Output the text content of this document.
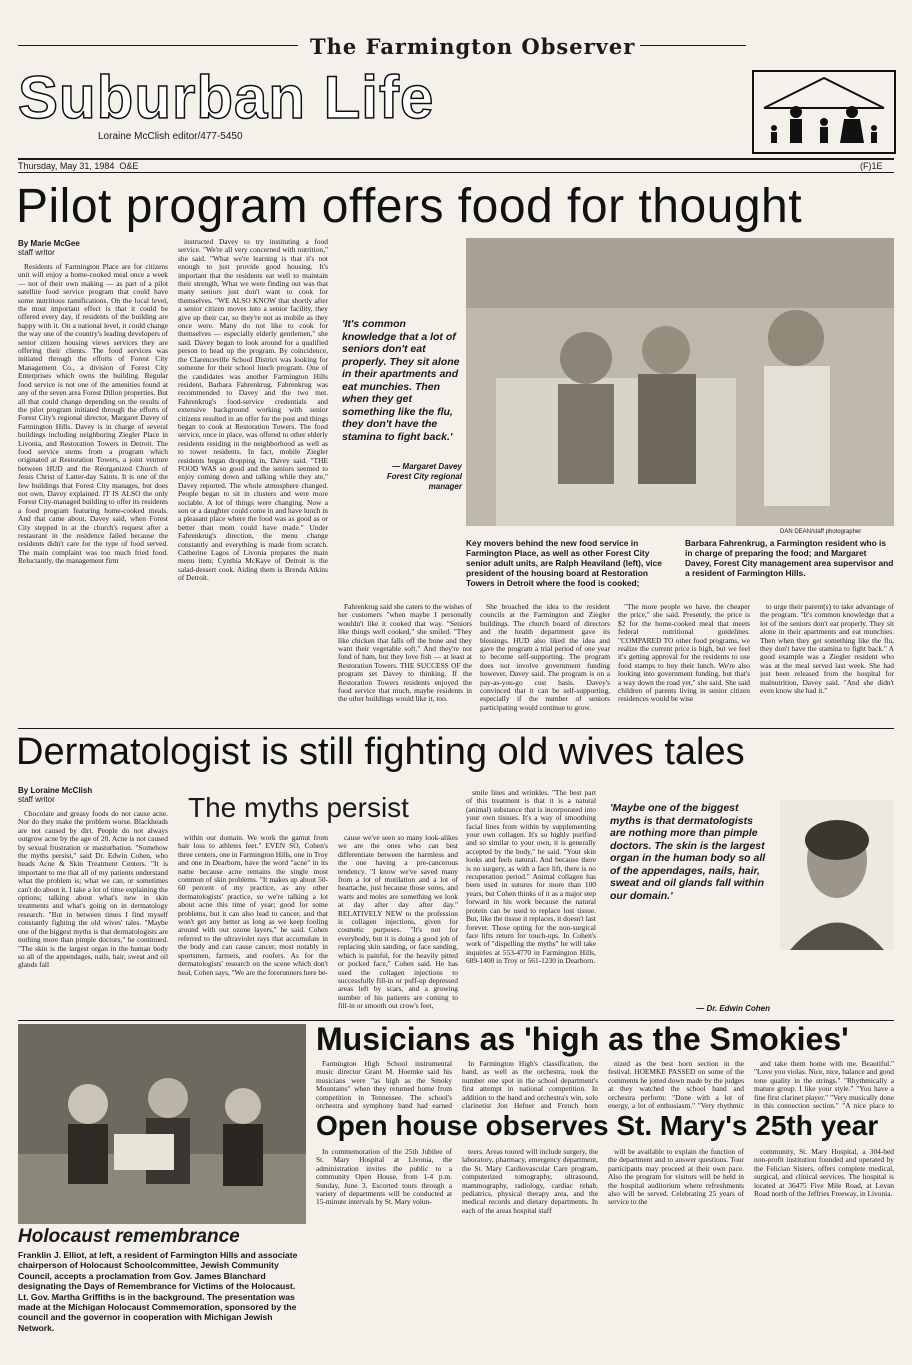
The Farmington Observer
Suburban Life
Loraine McClish editor/477-5450
Thursday, May 31, 1984 O&E	(F)1E
Pilot program offers food for thought
By Marie McGee
staff writor

Residents of Farmington Place are for citizens unit will enjoy a home-cooked meal once a week — not of their own making — as part of a pilot satellite food service program that could have some nutritious ramifications. On the local level, the most important effect is that it could be offered every day, if residents of the building are happy with it. On a national level, it could change the way one of the country's leading developers of senior citizen housing views services they are offering their clients. The food services was initiated through the efforts of Forest City Management Co., a division of Forest City Enterprises which owns the building. Regular food service is not one of the amenities found at any of the seven area Forest Dillon properties. But all that could change depending on the results of the pilot program initiated through the efforts of Forest City's regional director, Margaret Davey of Farmington Hills. Davey is in charge of several buildings including neighboring Ziegler Place in Livonia, and Restoration Towers in Detroit. The food service stems from a program which originated at Restoration Towers, a joint venture between HUD and the Reorganized Church of Jesus Christ of Latter-day Saints. It is one of the few buildings that Forest City manages, but does not own, Davey explained. IT IS ALSO the only Forest City-managed building to offer its residents a food program featuring home-cooked meals. And that came about, Davey said, when Forest City stepped in at the church's request after a restaurant in the residence failed because the residents didn't care for the type of food served. The main complaint was too much fried food. Reluctantly, the management firm

instructed Davey to try instituting a food service. "We're all very concerned with nutrition," she said. "What we're learning is that it's not enough to just provide good housing. It's important that the residents eat well to maintain their strength. What we were finding out was that many seniors just don't want to cook for themselves. "WE ALSO KNOW that shortly after a senior citizen moves into a senior facility, they give up their car, so they're not as mobile as they once were. Many do not like to cook for themselves — especially elderly gentlemen," she said. Davey began to look around for a qualified person to head up the program. By coincidence, the Clarenceville School District was looking for someone for their school lunch program. One of the candidates was another Farmington Hills resident, Barbara Fahrenkrug. Fahrenkrug was recommended to Davey and the two met. Fahrenkrug's food-service credentials and extensive background working with senior citizens resulted in an offer for the post and things began to cook at Restoration Towers. The food service, once in place, was offered to other elderly residents residing in the neighborhood as well as to tower residents. In fact, mobile Ziegler residents began dropping in, Davey said. "THE FOOD WAS so good and the seniors seemed to enjoy coming down and talking while they ate," Davey reported. The whole atmosphere changed. People began to sit in clusters and were more sociable. A lot of things were changing. Now a son or a daughter could come in and have lunch in a pleasant place where the food was as good as or better than mom could have made." Under Fahrenkrug's direction, the menu change constantly and everything is made from scratch. Catherine Lagos of Livonia prepares the main menu item; Cynthia McKaye of Detroit is the salad-dessert cook. Aiding them is Brenda Atkins of Detroit.

'It's common knowledge that a lot of seniors don't eat properly. They sit alone in their apartments and eat munchies. Then when they get something like the flu, they don't have the stamina to fight back.'
— Margaret Davey
Forest City regional
manager
DAN DEAN/staff photographer
Key movers behind the new food service in Farmington Place, as well as other Forest City senior adult units, are Ralph Heaviland (left), vice president of the housing board at Restoration Towers in Detroit where the food is cooked;
Barbara Fahrenkrug, a Farmington resident who is in charge of preparing the food; and Margaret Davey, Forest City management area supervisor and a resident of Farmington Hills.

Fahrenkrug said she caters to the wishes of her customers "when maybe I personally wouldn't like it cooked that way. "Seniors like things well cooked," she smiled. "They like chicken that falls off the bone and they want their vegetable soft." And they're not fond of ham, but they love fish — at least at Restoration Towers. THE SUCCESS OF the program set Davey to thinking. If the Restoration Towers residents enjoyed the food service that much, maybe residents in the other buildings would like it, too.

She broached the idea to the resident councils at the Farmington and Ziegler buildings. The church board of directors and the health department gave its blessings. HUD also liked the idea and gave the program a trial period of one year to become self-supporting. The program does not involve government funding however, Davey said. The program is on a pay-as-you-go cost basis. Davey's convinced that it can be self-supporting, especially if the number of seniors participating would continue to grow.

"The more people we have, the cheaper the price," she said. Presently, the price is $2 for the home-cooked meal that meets federal nutritional guidelines. "COMPARED TO other food programs, we realize the current price is high, but we feel it's getting approval for the residents to use food stamps to buy their lunch. We're also looking into government funding, but that's a way down the road yet," she said. She said children of parents living in senior citizen residences would be wise

to urge their parent(s) to take advantage of the program. "It's common knowledge that a lot of the seniors don't eat properly. They sit alone in their apartments and eat munchies. Then when they get something like the flu, they don't have the stamina to fight back." A good example was a Ziegler resident who was at the meal served last week. She had just been released from the hospital for malnutrition, Davey said. "And she didn't even know she had it."

Dermatologist is still fighting old wives tales
By Loraine McClish
staff writor	The myths persist

Chocolate and greasy foods do not cause acne. Nor do they make the problem worse. Blackheads are not caused by dirt. People do not always outgrow acne by the age of 20. Acne is not caused by sexual frustration or masturbation. "Somehow the myths persist," said Dr. Edwin Cohen, who heads Acne & Skin Treatment Centers. "It is important to me that all of my patients understand what the problem is; what we can, or sometimes can't do about it. I take a lot of time explaining the options; talking about what's new in skin treatments and what's going on in dermatology research. "But in between times I find myself constantly fighting the old wives' tales. "Maybe one of the biggest myths is that dermatologists are nothing more than pimple doctors," he continued. "The skin is the largest organ in the human body so all of the appendages, nails, hair, sweat and oil glands fall

within our domain. We work the gamut from hair loss to athletes feet." EVEN SO, Cohen's three centers, one in Farmington Hills, one in Troy and one in Dearborn, have the word "acne" in its name because acne remains the single most common of skin problems. "It makes up about 50-60 percent of my practice, as any other dermatologists' practice, so we're talking a lot about acne this time of year; good for some problems, but it can also lead to cancer, and that won't get any better as long as we keep fooling around with our ozone layers," he said. Cohen referred to the ultraviolet rays that accumulate in the body and can cause cancer, most notably in sportsmen, farmers, and roofers. As for the dermatologists' research on the scene which don't heal, Cohen says, "We are the forerunners here be-

cause we've seen so many look-alikes we are the ones who can best differentiate between the harmless and the one having a pre-cancerous tendency. "I know we've saved many from a lot of mutilation and a lot of heartache, just because those sores, and warts and moles are something we look at day after day after day." RELATIVELY NEW to the profession is collagen injections, given for cosmetic purposes. "It's not for everybody, but it is doing a good job of replacing skin sanding, or face sanding, which is painful, for the heavily pitted or pocked face," Cohen said. He has used the collagen injections to successfully fill-in or puff-up depressed areas left by scars, and a growing number of his patients are coming to fill-in or smooth out crow's feet,

smile lines and wrinkles. "The best part of this treatment is that it is a natural (animal) substance that is incorporated into your own tissues. It's a way of smoothing facial lines from within by supplementing your own collagen. It's so highly purified and so similar to your own, it is generally accepted by the body," he said. "Your skin looks and feels natural. And because there is no surgery, as with a face lift, there is no recuperation period." Animal collagen has been used in sutures for more than 100 years, but Cohen thinks of it as a major step forward in his work because the natural protein can be used to replace lost tissue. But, like the tissue it replaces, it doesn't last forever. Those opting for the non-surgical face lifts return for touch-ups. In Cohen's work of "dispelling the myths" he will take inquiries at 553-4770 in Farmington Hills, 689-1400 in Troy or 561-1230 in Dearborn.

'Maybe one of the biggest myths is that dermatologists are nothing more than pimple doctors. The skin is the largest organ in the human body so all of the appendages, nails, hair, sweat and oil glands fall within our domain.'
— Dr. Edwin Cohen
Holocaust remembrance
Franklin J. Elliot, at left, a resident of Farmington Hills and associate chairperson of Holocaust Schoolcommittee, Jewish Community Council, accepts a proclamation from Gov. James Blanchard designating the Days of Remembrance for Victims of the Holocaust. Lt. Gov. Martha Griffiths is in the background. The presentation was made at the Michigan Holocaust Commemoration, sponsored by the council and the governor in cooperation with Michigan Jewish Network.
Musicians as 'high as the Smokies'

Farmington High School instrumental music director Grant M. Hoemke said his musicians were "as high as the Smoky Mountains" when they returned home from competition in Tennessee. The school's orchestra and symphony band had earned

In Farmington High's classification, the band, as well as the orchestra, took the number one spot in the school department's first attempt in national competition. In addition to the band and orchestra's win, solo clarinetist Jon Hefner and French horn

nized as the best horn section in the festival. HOEMKE PASSED on some of the comments he jotted down made by the judges at they watched the school band and orchestra perform: "Done with a lot of energy, a lot of enthusiasm." "Very rhythmic

and take them home with me. Beautiful." "Love you violas. Nice, nice, balance and good tone quality in the strings." "Rhythmically a mature group. I like your style." "You have a fine first clarinet player." "Very musically done in this connection section." "A nice place to

Open house observes St. Mary's 25th year

In commemoration of the 25th Jubilee of St. Mary Hospital at Livonia, the administration invites the public to a community Open House, from 1-4 p.m. Sunday, June 3. Escorted tours through a variety of departments will be conducted at 15-minute intervals by St. Mary volun-

teers. Areas toured will include surgery, the laboratory, pharmacy, emergency department, the St. Mary Cardiovascular Care program, computerized tomography, ultrasound, mammography, radiology, cardiac rehab, pediatrics, physical therapy area, and the medical records and dietary departments. In each of the areas hospital staff

will be available to explain the function of the department and to answer questions. Tour participants may proceed at their own pace. Also the program for visitors will be held in the hospital auditorium where refreshments also will be served. Celebrating 25 years of service to the

community, St. Mary Hospital, a 304-bed non-profit institution founded and operated by the Felician Sisters, offers complete medical, surgical, and clinical services. The hospital is located at 36475 Five Mile Road, at Levan Road north of the Jeffries Freeway, in Livonia.
